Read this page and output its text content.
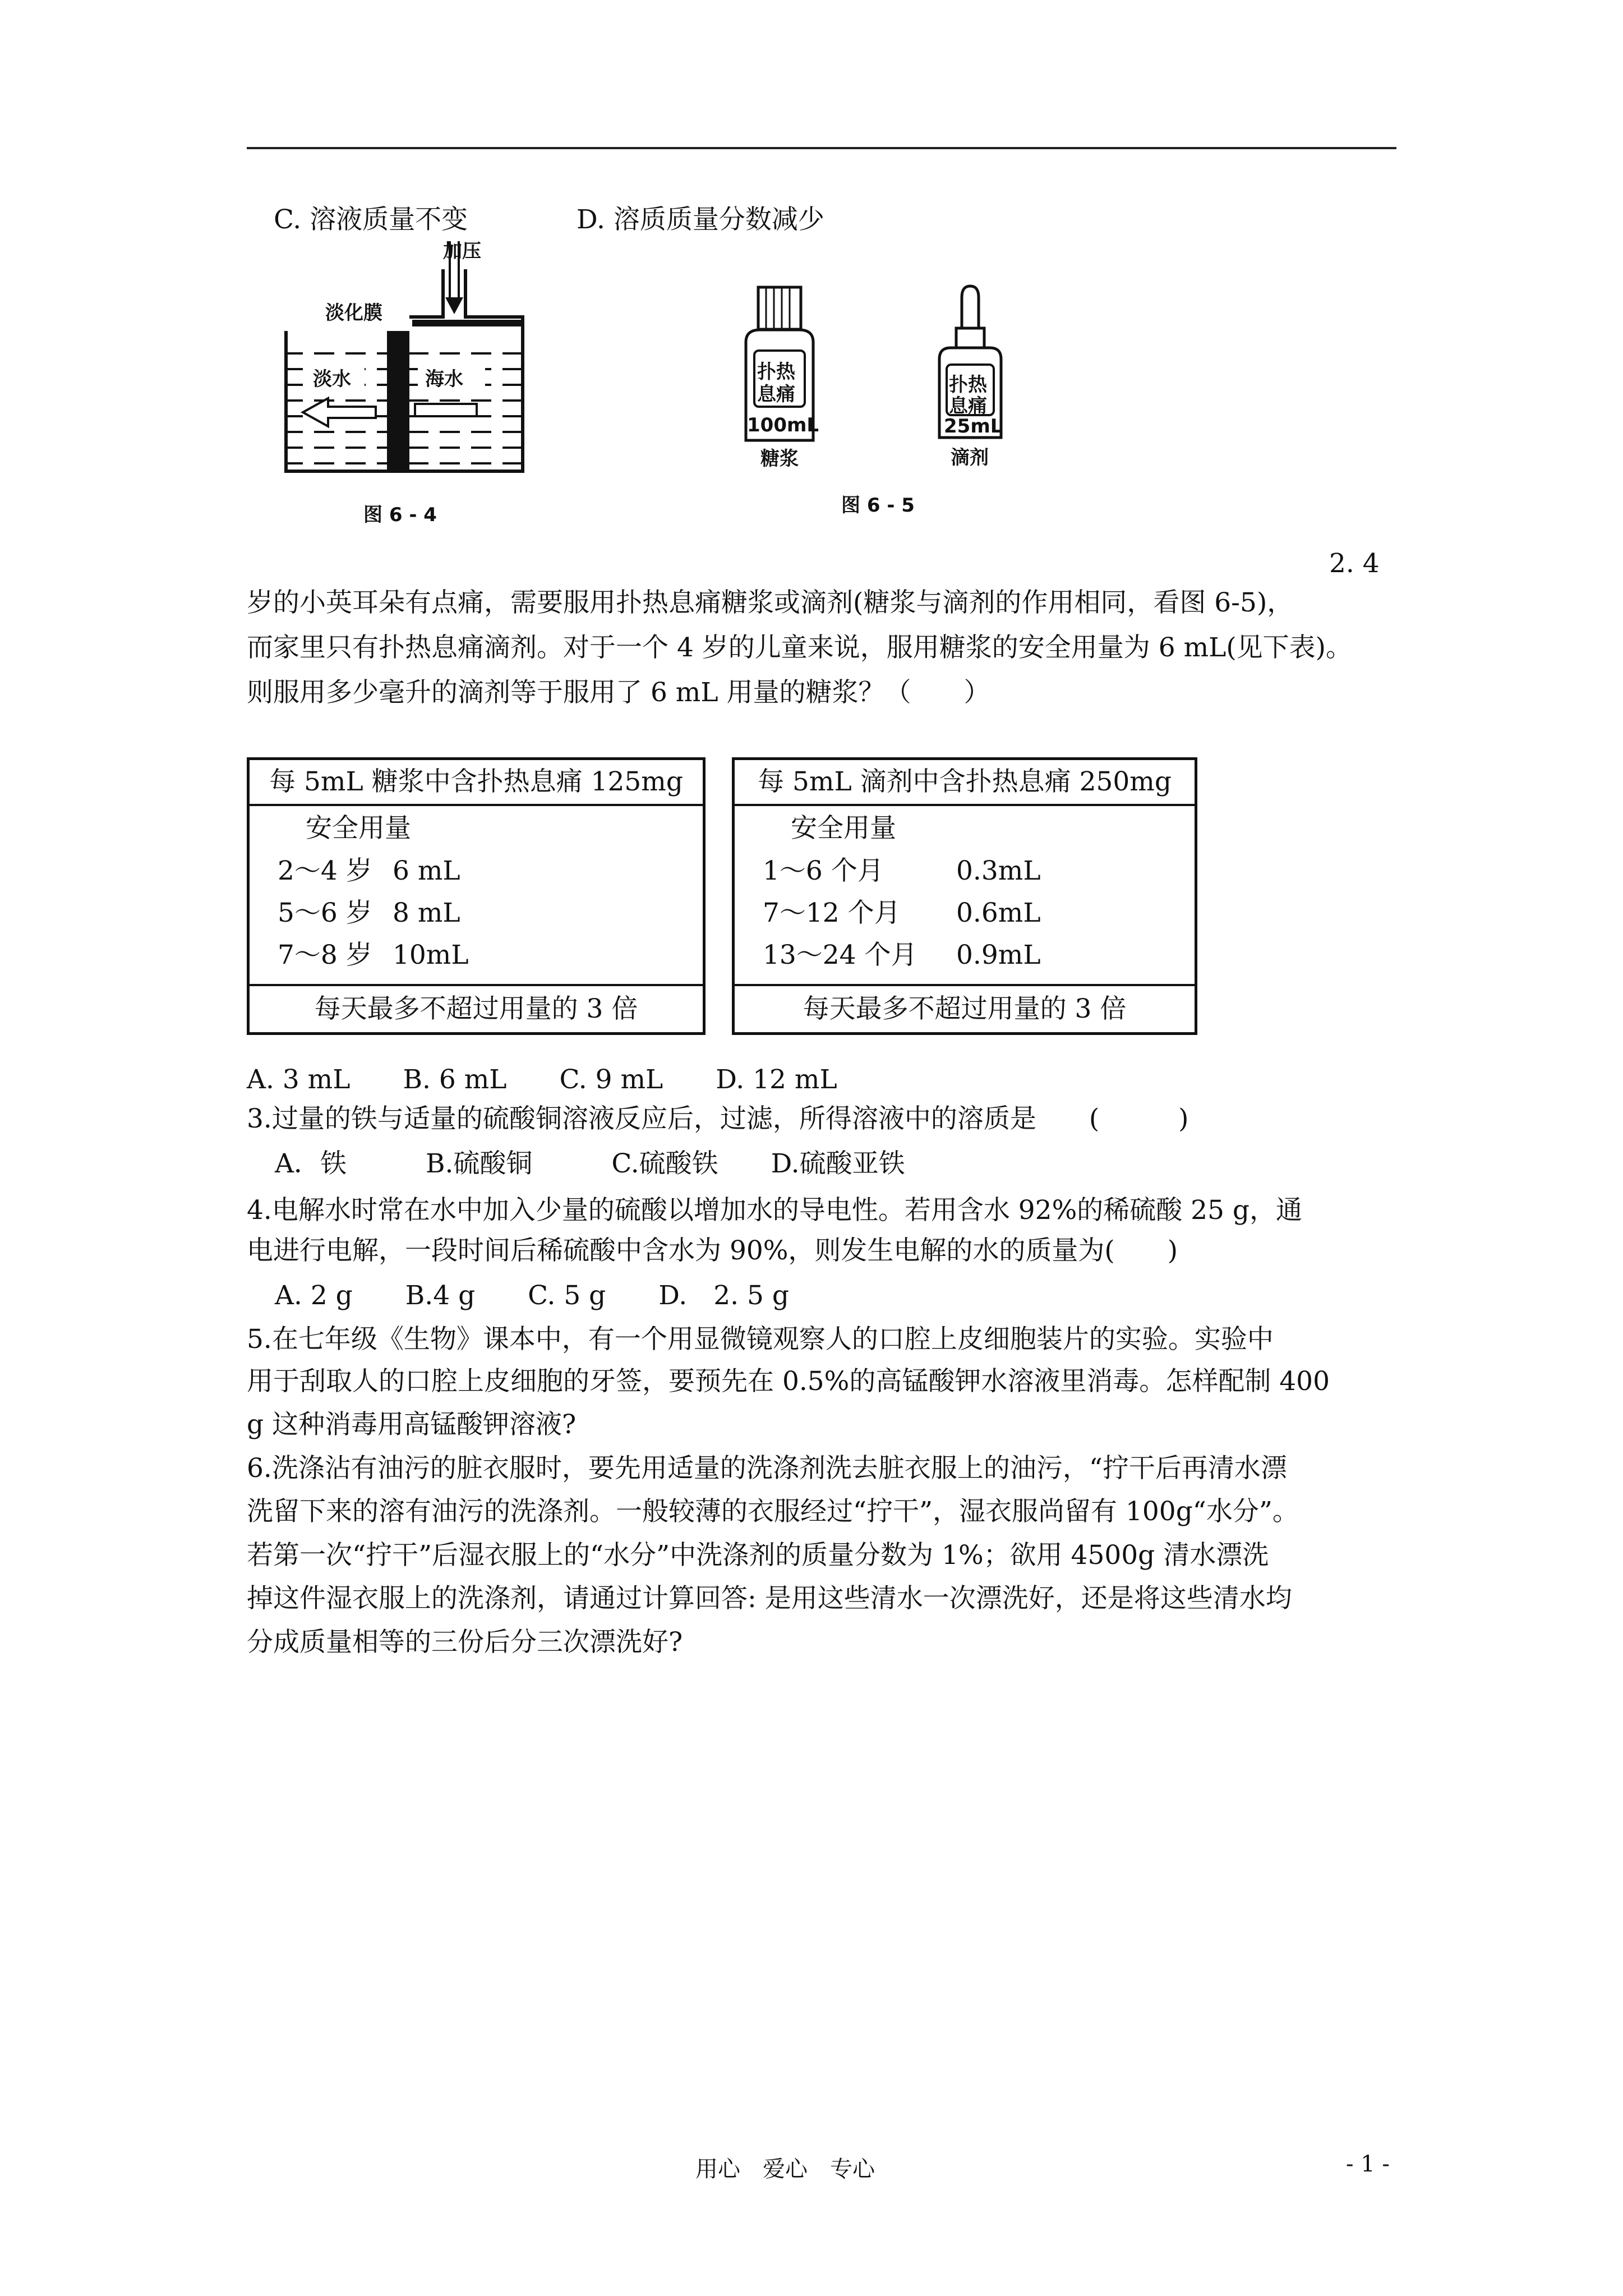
C. 溶液质量不变	D. 溶质质量分数减少
加压
淡化膜
淡水	海水
图 6 - 4
扑热
息痛
100mL
糖浆
扑热
息痛
25mL
滴剂
图 6 - 5
2. 4
岁的小英耳朵有点痛，需要服用扑热息痛糖浆或滴剂(糖浆与滴剂的作用相同，看图 6-5)，
而家里只有扑热息痛滴剂。对于一个 4 岁的儿童来说，服用糖浆的安全用量为 6 mL(见下表)。
则服用多少毫升的滴剂等于服用了 6 mL 用量的糖浆？（　　）
每 5mL 糖浆中含扑热息痛 125mg
安全用量
2～4 岁 6 mL
5～6 岁 8 mL
7～8 岁 10mL
每天最多不超过用量的 3 倍
每 5mL 滴剂中含扑热息痛 250mg
安全用量
1～6 个月	0.3mL
7～12 个月 0.6mL
13～24 个月 0.9mL
每天最多不超过用量的 3 倍
A. 3 mL　　B. 6 mL　　C. 9 mL　　D. 12 mL
3.过量的铁与适量的硫酸铜溶液反应后，过滤，所得溶液中的溶质是　　(　　　)
A．铁　　　B.硫酸铜　　　C.硫酸铁　　D.硫酸亚铁
4.电解水时常在水中加入少量的硫酸以增加水的导电性。若用含水 92%的稀硫酸 25 g，通
电进行电解，一段时间后稀硫酸中含水为 90%，则发生电解的水的质量为(　　)
A. 2 g　　B.4 g　　C. 5 g　　D.　2. 5 g
5.在七年级《生物》课本中，有一个用显微镜观察人的口腔上皮细胞装片的实验。实验中
用于刮取人的口腔上皮细胞的牙签，要预先在 0.5%的高锰酸钾水溶液里消毒。怎样配制 400
g 这种消毒用高锰酸钾溶液?
6.洗涤沾有油污的脏衣服时，要先用适量的洗涤剂洗去脏衣服上的油污，“拧干后再清水漂
洗留下来的溶有油污的洗涤剂。一般较薄的衣服经过“拧干”，湿衣服尚留有 100g“水分”。
若第一次“拧干”后湿衣服上的“水分”中洗涤剂的质量分数为 1%；欲用 4500g 清水漂洗
掉这件湿衣服上的洗涤剂，请通过计算回答: 是用这些清水一次漂洗好，还是将这些清水均
分成质量相等的三份后分三次漂洗好?
用心　爱心　专心	- 1 -
